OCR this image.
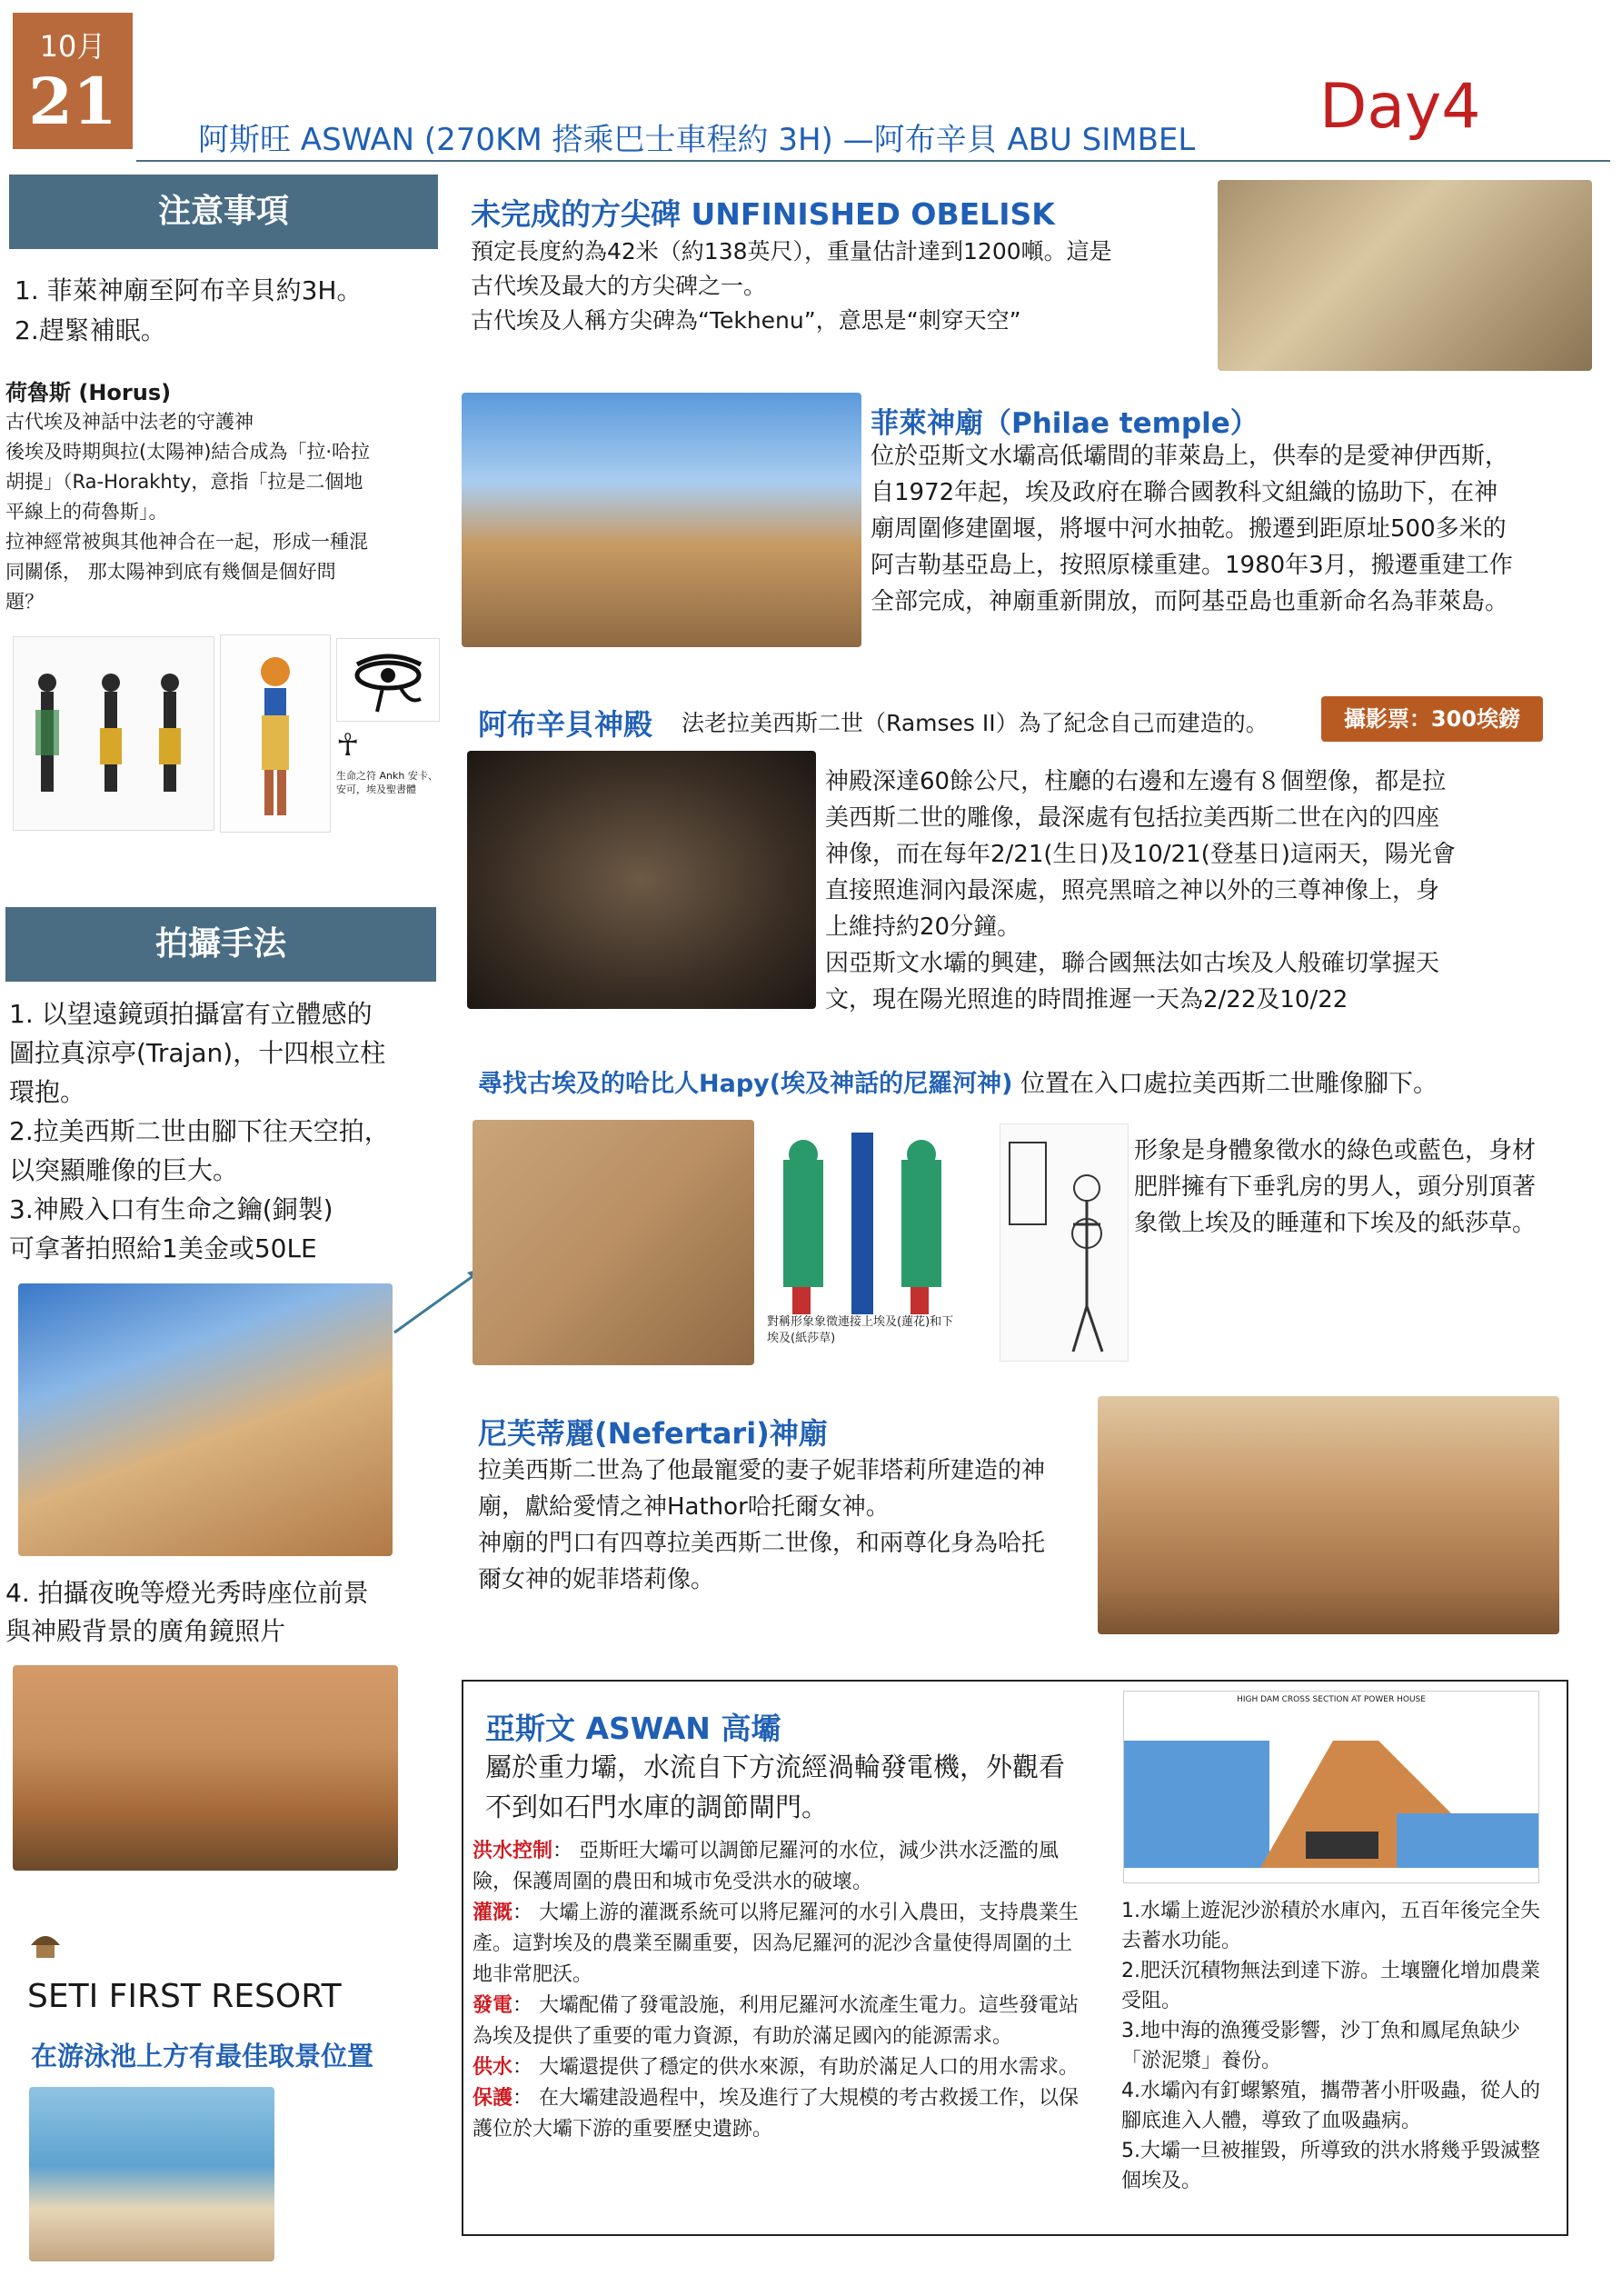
10月
21
阿斯旺 ASWAN (270KM 搭乘巴士車程約 3H) —阿布辛貝 ABU SIMBEL Day4
注意事項
1. 菲萊神廟至阿布辛貝約3H。
2.趕緊補眠。
荷魯斯 (Horus)
古代埃及神話中法老的守護神
後埃及時期與拉(太陽神)結合成為「拉·哈拉
胡提」（Ra-Horakhty，意指「拉是二個地
平線上的荷魯斯」。
拉神經常被與其他神合在一起，形成一種混
同關係， 那太陽神到底有幾個是個好問
題？
☥
生命之符 Ankh 安卡、安可，埃及聖書體
拍攝手法
1. 以望遠鏡頭拍攝富有立體感的
圖拉真涼亭(Trajan)，十四根立柱
環抱。
2.拉美西斯二世由腳下往天空拍，
以突顯雕像的巨大。
3.神殿入口有生命之鑰(銅製)
可拿著拍照給1美金或50LE
4. 拍攝夜晚等燈光秀時座位前景
與神殿背景的廣角鏡照片
SETI FIRST RESORT
在游泳池上方有最佳取景位置
未完成的方尖碑 UNFINISHED OBELISK
預定長度約為42米（約138英尺），重量估計達到1200噸。這是
古代埃及最大的方尖碑之一。
古代埃及人稱方尖碑為“Tekhenu”，意思是“刺穿天空”
菲萊神廟（Philae temple）
位於亞斯文水壩高低壩間的菲萊島上，供奉的是愛神伊西斯，
自1972年起，埃及政府在聯合國教科文組織的協助下，在神
廟周圍修建圍堰，將堰中河水抽乾。搬遷到距原址500多米的
阿吉勒基亞島上，按照原樣重建。1980年3月，搬遷重建工作
全部完成，神廟重新開放，而阿基亞島也重新命名為菲萊島。
阿布辛貝神殿 法老拉美西斯二世（Ramses II）為了紀念自己而建造的。	攝影票：300埃鎊
神殿深達60餘公尺，柱廳的右邊和左邊有８個塑像，都是拉
美西斯二世的雕像，最深處有包括拉美西斯二世在內的四座
神像，而在每年2/21(生日)及10/21(登基日)這兩天，陽光會
直接照進洞內最深處，照亮黑暗之神以外的三尊神像上，身
上維持約20分鐘。
因亞斯文水壩的興建，聯合國無法如古埃及人般確切掌握天
文，現在陽光照進的時間推遲一天為2/22及10/22
尋找古埃及的哈比人Hapy(埃及神話的尼羅河神) 位置在入口處拉美西斯二世雕像腳下。
對稱形象象徵連接上埃及(蓮花)和下埃及(紙莎草)
形象是身體象徵水的綠色或藍色，身材
肥胖擁有下垂乳房的男人，頭分別頂著
象徵上埃及的睡蓮和下埃及的紙莎草。
尼芙蒂麗(Nefertari)神廟
拉美西斯二世為了他最寵愛的妻子妮菲塔莉所建造的神
廟，獻給愛情之神Hathor哈托爾女神。
神廟的門口有四尊拉美西斯二世像，和兩尊化身為哈托
爾女神的妮菲塔莉像。
亞斯文 ASWAN 高壩
屬於重力壩，水流自下方流經渦輪發電機，外觀看
不到如石門水庫的調節閘門。
洪水控制： 亞斯旺大壩可以調節尼羅河的水位，減少洪水泛濫的風險，保護周圍的農田和城市免受洪水的破壞。
灌溉： 大壩上游的灌溉系統可以將尼羅河的水引入農田，支持農業生產。這對埃及的農業至關重要，因為尼羅河的泥沙含量使得周圍的土地非常肥沃。
發電： 大壩配備了發電設施，利用尼羅河水流產生電力。這些發電站為埃及提供了重要的電力資源，有助於滿足國內的能源需求。
供水： 大壩還提供了穩定的供水來源，有助於滿足人口的用水需求。
保護： 在大壩建設過程中，埃及進行了大規模的考古救援工作，以保護位於大壩下游的重要歷史遺跡。
HIGH DAM CROSS SECTION AT POWER HOUSE
1.水壩上遊泥沙淤積於水庫內，五百年後完全失去蓄水功能。
2.肥沃沉積物無法到達下游。土壤鹽化增加農業受阻。
3.地中海的漁獲受影響，沙丁魚和鳳尾魚缺少「淤泥漿」養份。
4.水壩內有釘螺繁殖，攜帶著小肝吸蟲，從人的腳底進入人體，導致了血吸蟲病。
5.大壩一旦被摧毀，所導致的洪水將幾乎毀滅整個埃及。
